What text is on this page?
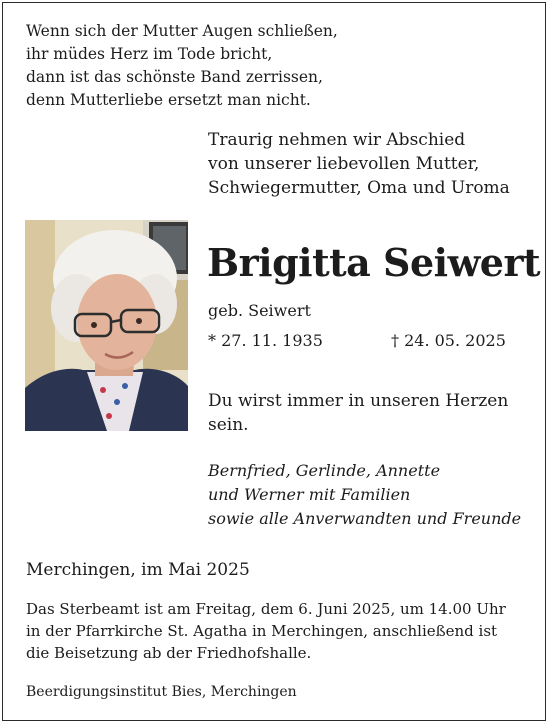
Wenn sich der Mutter Augen schließen,
ihr müdes Herz im Tode bricht,
dann ist das schönste Band zerrissen,
denn Mutterliebe ersetzt man nicht.
Traurig nehmen wir Abschied
von unserer liebevollen Mutter,
Schwiegermutter, Oma und Uroma
Brigitta Seiwert
geb. Seiwert
* 27. 11. 1935	† 24. 05. 2025
Du wirst immer in unseren Herzen
sein.
Bernfried, Gerlinde, Annette
und Werner mit Familien
sowie alle Anverwandten und Freunde
Merchingen, im Mai 2025
Das Sterbeamt ist am Freitag, dem 6. Juni 2025, um 14.00 Uhr
in der Pfarrkirche St. Agatha in Merchingen, anschließend ist
die Beisetzung ab der Friedhofshalle.
Beerdigungsinstitut Bies, Merchingen
